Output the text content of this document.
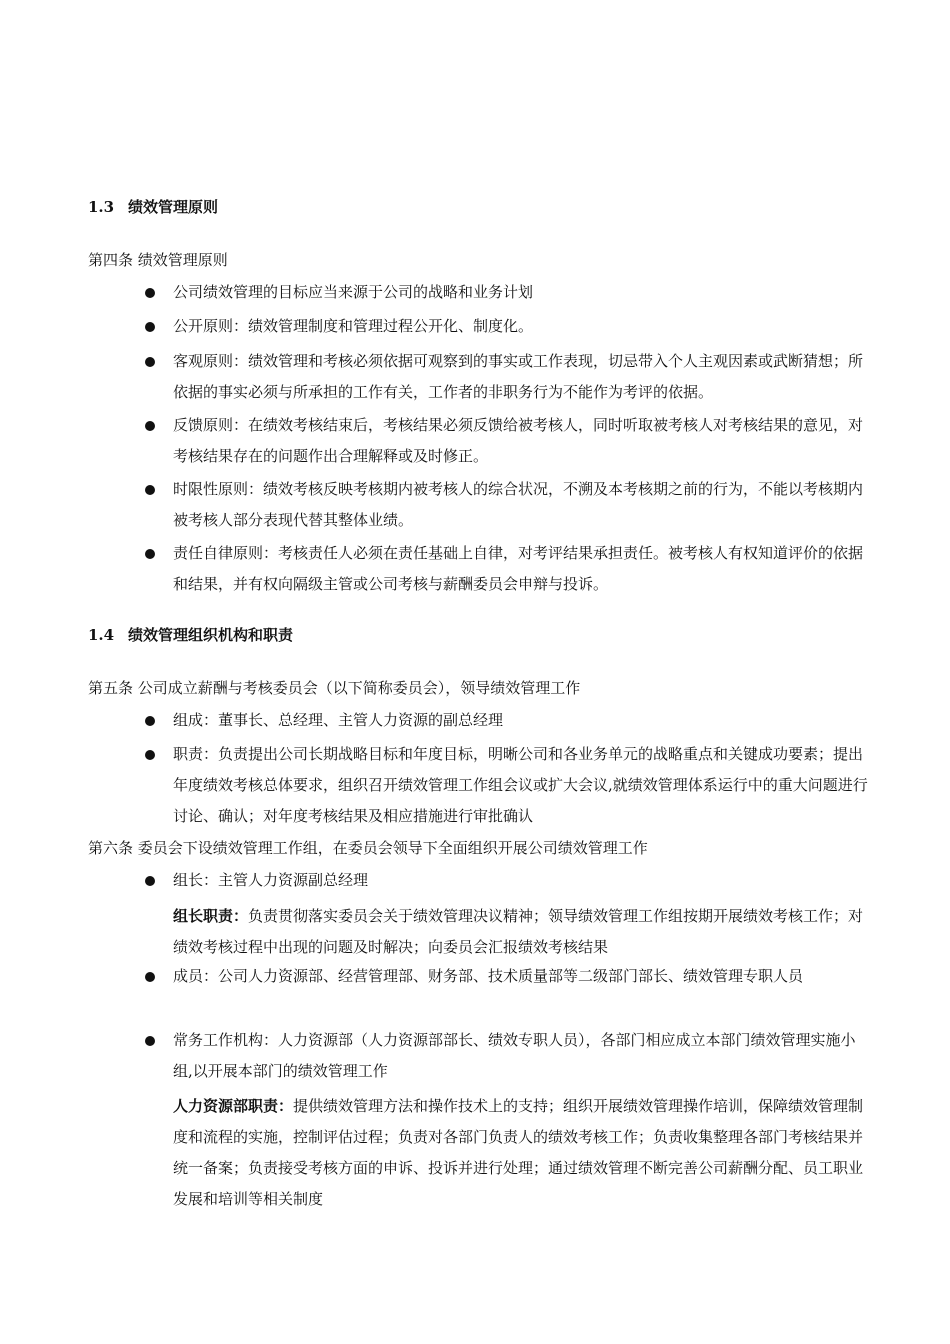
1.3 绩效管理原则
第四条 绩效管理原则
公司绩效管理的目标应当来源于公司的战略和业务计划
公开原则：绩效管理制度和管理过程公开化、制度化。
客观原则：绩效管理和考核必须依据可观察到的事实或工作表现，切忌带入个人主观因素或武断猜想；所依据的事实必须与所承担的工作有关，工作者的非职务行为不能作为考评的依据。
反馈原则：在绩效考核结束后，考核结果必须反馈给被考核人，同时听取被考核人对考核结果的意见，对考核结果存在的问题作出合理解释或及时修正。
时限性原则：绩效考核反映考核期内被考核人的综合状况，不溯及本考核期之前的行为，不能以考核期内被考核人部分表现代替其整体业绩。
责任自律原则：考核责任人必须在责任基础上自律，对考评结果承担责任。被考核人有权知道评价的依据和结果，并有权向隔级主管或公司考核与薪酬委员会申辩与投诉。
1.4 绩效管理组织机构和职责
第五条 公司成立薪酬与考核委员会（以下简称委员会），领导绩效管理工作
组成：董事长、总经理、主管人力资源的副总经理
职责：负责提出公司长期战略目标和年度目标，明晰公司和各业务单元的战略重点和关键成功要素；提出年度绩效考核总体要求，组织召开绩效管理工作组会议或扩大会议,就绩效管理体系运行中的重大问题进行讨论、确认；对年度考核结果及相应措施进行审批确认
第六条 委员会下设绩效管理工作组，在委员会领导下全面组织开展公司绩效管理工作
组长：主管人力资源副总经理
组长职责：负责贯彻落实委员会关于绩效管理决议精神；领导绩效管理工作组按期开展绩效考核工作；对绩效考核过程中出现的问题及时解决；向委员会汇报绩效考核结果
成员：公司人力资源部、经营管理部、财务部、技术质量部等二级部门部长、绩效管理专职人员
常务工作机构：人力资源部（人力资源部部长、绩效专职人员），各部门相应成立本部门绩效管理实施小组,以开展本部门的绩效管理工作
人力资源部职责：提供绩效管理方法和操作技术上的支持；组织开展绩效管理操作培训，保障绩效管理制度和流程的实施，控制评估过程；负责对各部门负责人的绩效考核工作；负责收集整理各部门考核结果并统一备案；负责接受考核方面的申诉、投诉并进行处理；通过绩效管理不断完善公司薪酬分配、员工职业发展和培训等相关制度
